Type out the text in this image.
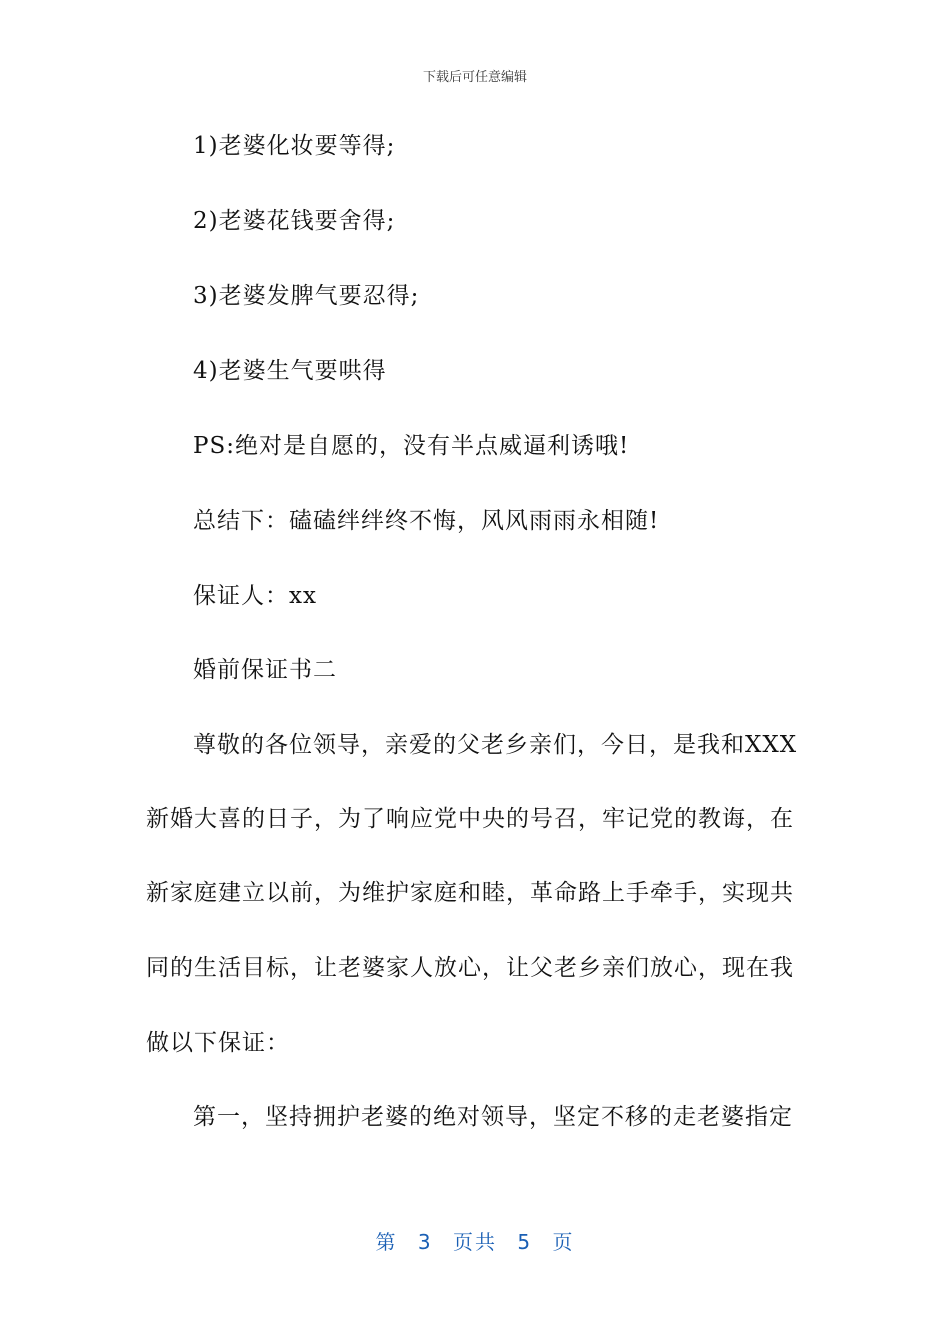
下载后可任意编辑
1)老婆化妆要等得;
2)老婆花钱要舍得;
3)老婆发脾气要忍得;
4)老婆生气要哄得
PS:绝对是自愿的，没有半点威逼利诱哦!
总结下：磕磕绊绊终不悔，风风雨雨永相随!
保证人：xx
婚前保证书二
尊敬的各位领导，亲爱的父老乡亲们，今日，是我和XXX
新婚大喜的日子，为了响应党中央的号召，牢记党的教诲，在
新家庭建立以前，为维护家庭和睦，革命路上手牵手，实现共
同的生活目标，让老婆家人放心，让父老乡亲们放心，现在我
做以下保证：
第一，坚持拥护老婆的绝对领导，坚定不移的走老婆指定
第 3 页共 5 页
